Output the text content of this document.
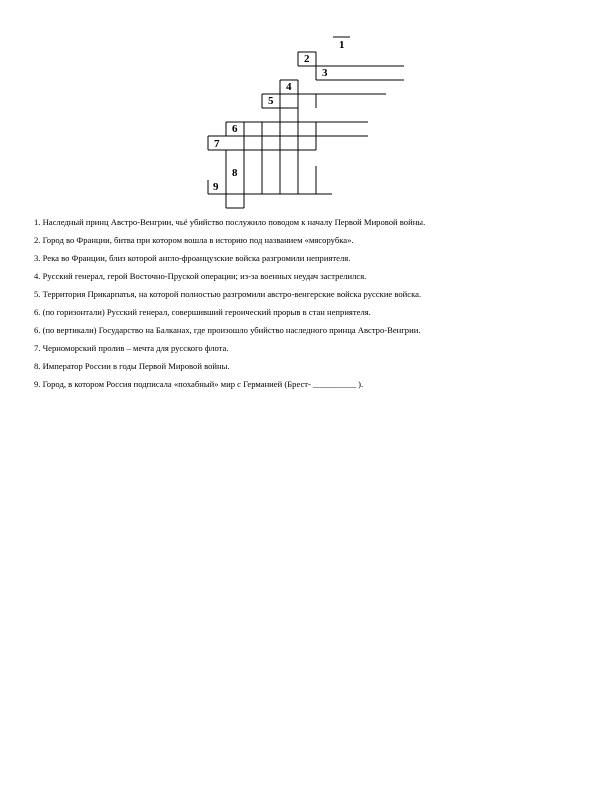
1
2
3
4
5
6
7
8
9
1. Наследный принц Австро-Венгрии, чьё убийство послужило поводом к началу Первой Мировой войны.
2. Город во Франции, битва при котором вошла в историю под названием «мясорубка».
3. Река во Франции, близ которой англо-фроанцузские войска разгромили неприятеля.
4. Русский генерал, герой Восточно-Пруской операции; из-за военных неудач застрелился.
5. Территория Прикарпатья, на которой полностью разгромили австро-венгерские войска русские войска.
6. (по горизонтали) Русский генерал, совершивший героический прорыв в стан неприятеля.
6. (по вертикали) Государство на Балканах, где произошло убийство наследного принца Австро-Венгрии.
7. Черноморский пролив – мечта для русского флота.
8. Император России в годы Первой Мировой войны.
9. Город, в котором Россия подписала «похабный» мир с Германией (Брест- __________ ).
